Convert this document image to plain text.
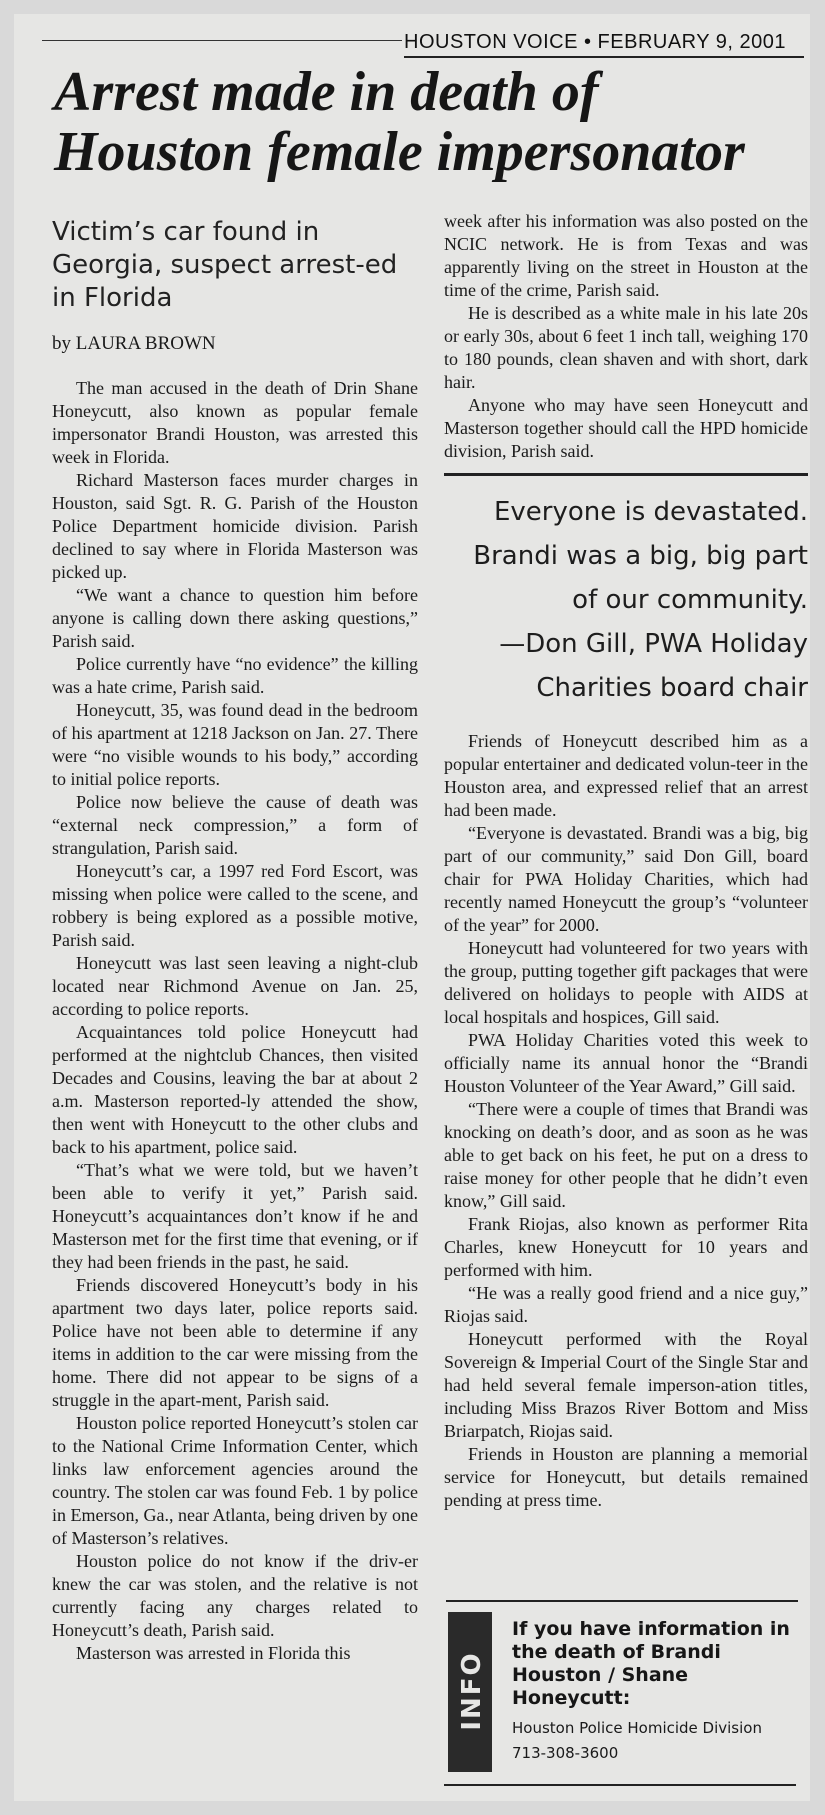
HOUSTON VOICE • FEBRUARY 9, 2001
Arrest made in death of
Houston female impersonator
Victim’s car found in Georgia, suspect arrest-ed in Florida
by LAURA BROWN

The man accused in the death of Drin Shane Honeycutt, also known as popular female impersonator Brandi Houston, was arrested this week in Florida.

Richard Masterson faces murder charges in Houston, said Sgt. R. G. Parish of the Houston Police Department homicide division. Parish declined to say where in Florida Masterson was picked up.

“We want a chance to question him before anyone is calling down there asking questions,” Parish said.

Police currently have “no evidence” the killing was a hate crime, Parish said.

Honeycutt, 35, was found dead in the bedroom of his apartment at 1218 Jackson on Jan. 27. There were “no visible wounds to his body,” according to initial police reports.

Police now believe the cause of death was “external neck compression,” a form of strangulation, Parish said.

Honeycutt’s car, a 1997 red Ford Escort, was missing when police were called to the scene, and robbery is being explored as a possible motive, Parish said.

Honeycutt was last seen leaving a night-club located near Richmond Avenue on Jan. 25, according to police reports.

Acquaintances told police Honeycutt had performed at the nightclub Chances, then visited Decades and Cousins, leaving the bar at about 2 a.m. Masterson reported-ly attended the show, then went with Honeycutt to the other clubs and back to his apartment, police said.

“That’s what we were told, but we haven’t been able to verify it yet,” Parish said. Honeycutt’s acquaintances don’t know if he and Masterson met for the first time that evening, or if they had been friends in the past, he said.

Friends discovered Honeycutt’s body in his apartment two days later, police reports said. Police have not been able to determine if any items in addition to the car were missing from the home. There did not appear to be signs of a struggle in the apart-ment, Parish said.

Houston police reported Honeycutt’s stolen car to the National Crime Information Center, which links law enforcement agencies around the country. The stolen car was found Feb. 1 by police in Emerson, Ga., near Atlanta, being driven by one of Masterson’s relatives.

Houston police do not know if the driv-er knew the car was stolen, and the relative is not currently facing any charges related to Honeycutt’s death, Parish said.

Masterson was arrested in Florida this

week after his information was also posted on the NCIC network. He is from Texas and was apparently living on the street in Houston at the time of the crime, Parish said.

He is described as a white male in his late 20s or early 30s, about 6 feet 1 inch tall, weighing 170 to 180 pounds, clean shaven and with short, dark hair.

Anyone who may have seen Honeycutt and Masterson together should call the HPD homicide division, Parish said.

Everyone is devastated. Brandi was a big, big part of our community.
—Don Gill, PWA Holiday Charities board chair

Friends of Honeycutt described him as a popular entertainer and dedicated volun-teer in the Houston area, and expressed relief that an arrest had been made.

“Everyone is devastated. Brandi was a big, big part of our community,” said Don Gill, board chair for PWA Holiday Charities, which had recently named Honeycutt the group’s “volunteer of the year” for 2000.

Honeycutt had volunteered for two years with the group, putting together gift packages that were delivered on holidays to people with AIDS at local hospitals and hospices, Gill said.

PWA Holiday Charities voted this week to officially name its annual honor the “Brandi Houston Volunteer of the Year Award,” Gill said.

“There were a couple of times that Brandi was knocking on death’s door, and as soon as he was able to get back on his feet, he put on a dress to raise money for other people that he didn’t even know,” Gill said.

Frank Riojas, also known as performer Rita Charles, knew Honeycutt for 10 years and performed with him.

“He was a really good friend and a nice guy,” Riojas said.

Honeycutt performed with the Royal Sovereign & Imperial Court of the Single Star and had held several female imperson-ation titles, including Miss Brazos River Bottom and Miss Briarpatch, Riojas said.

Friends in Houston are planning a memorial service for Honeycutt, but details remained pending at press time.

INFO

If you have information in the death of Brandi Houston / Shane Honeycutt:

Houston Police Homicide Division

713-308-3600
